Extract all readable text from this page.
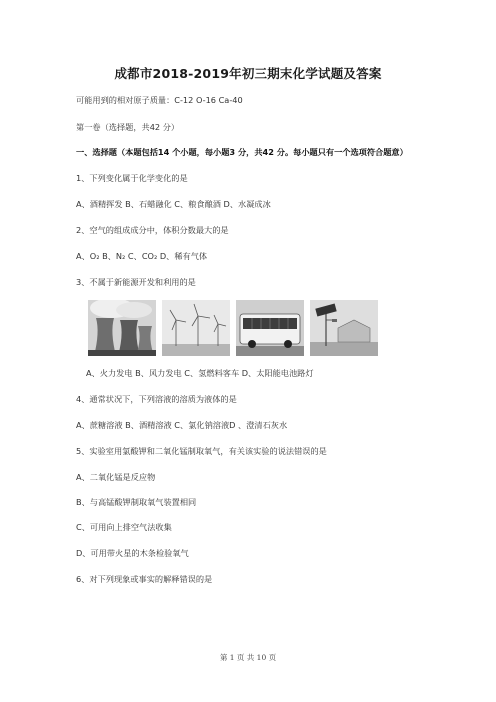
成都市2018-2019年初三期末化学试题及答案
可能用到的相对原子质量：C-12 O-16 Ca-40
第一卷（选择题，共42 分）
一、选择题（本题包括14 个小题，每小题3 分，共42 分。每小题只有一个选项符合题意）
1、下列变化属于化学变化的是
A、酒精挥发 B、石蜡融化 C、粮食酿酒 D、水凝成冰
2、空气的组成成分中，体积分数最大的是
A、O₂ B、N₂ C、CO₂ D、稀有气体
3、不属于新能源开发和利用的是
A、火力发电 B、风力发电 C、氢燃料客车 D、太阳能电池路灯
4、通常状况下，下列溶液的溶质为液体的是
A、蔗糖溶液 B、酒精溶液 C、氯化钠溶液D 、澄清石灰水
5、实验室用氯酸钾和二氧化锰制取氧气，有关该实验的说法错误的是
A、二氧化锰是反应物
B、与高锰酸钾制取氧气装置相同
C、可用向上排空气法收集
D、可用带火星的木条检验氧气
6、对下列现象或事实的解释错误的是
第 1 页 共 10 页
